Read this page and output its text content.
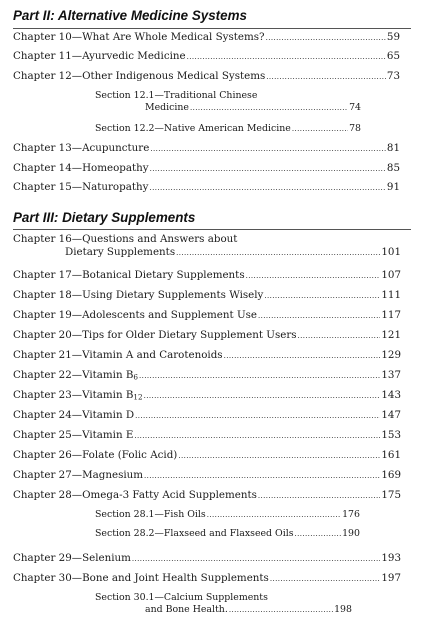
Part II: Alternative Medicine Systems
Chapter 10—What Are Whole Medical Systems? .....	59
Chapter 11—Ayurvedic Medicine .....	65
Chapter 12—Other Indigenous Medical Systems .....	73
Section 12.1—Traditional Chinese
Medicine .....	74
Section 12.2—Native American Medicine .....	78
Chapter 13—Acupuncture .....	81
Chapter 14—Homeopathy .....	85
Chapter 15—Naturopathy .....	91
Part III: Dietary Supplements
Chapter 16—Questions and Answers about
Dietary Supplements .....	101
Chapter 17—Botanical Dietary Supplements .....	107
Chapter 18—Using Dietary Supplements Wisely .....	111
Chapter 19—Adolescents and Supplement Use .....	117
Chapter 20—Tips for Older Dietary Supplement Users .....	121
Chapter 21—Vitamin A and Carotenoids .....	129
Chapter 22—Vitamin $B_6$ .....	137
Chapter 23—Vitamin $B_{12}$ .....	143
Chapter 24—Vitamin D .....	147
Chapter 25—Vitamin E .....	153
Chapter 26—Folate (Folic Acid) .....	161
Chapter 27—Magnesium .....	169
Chapter 28—Omega-3 Fatty Acid Supplements .....	175
Section 28.1—Fish Oils .....	176
Section 28.2—Flaxseed and Flaxseed Oils .....	190
Chapter 29—Selenium .....	193
Chapter 30—Bone and Joint Health Supplements .....	197
Section 30.1—Calcium Supplements
and Bone Health. .....	198
